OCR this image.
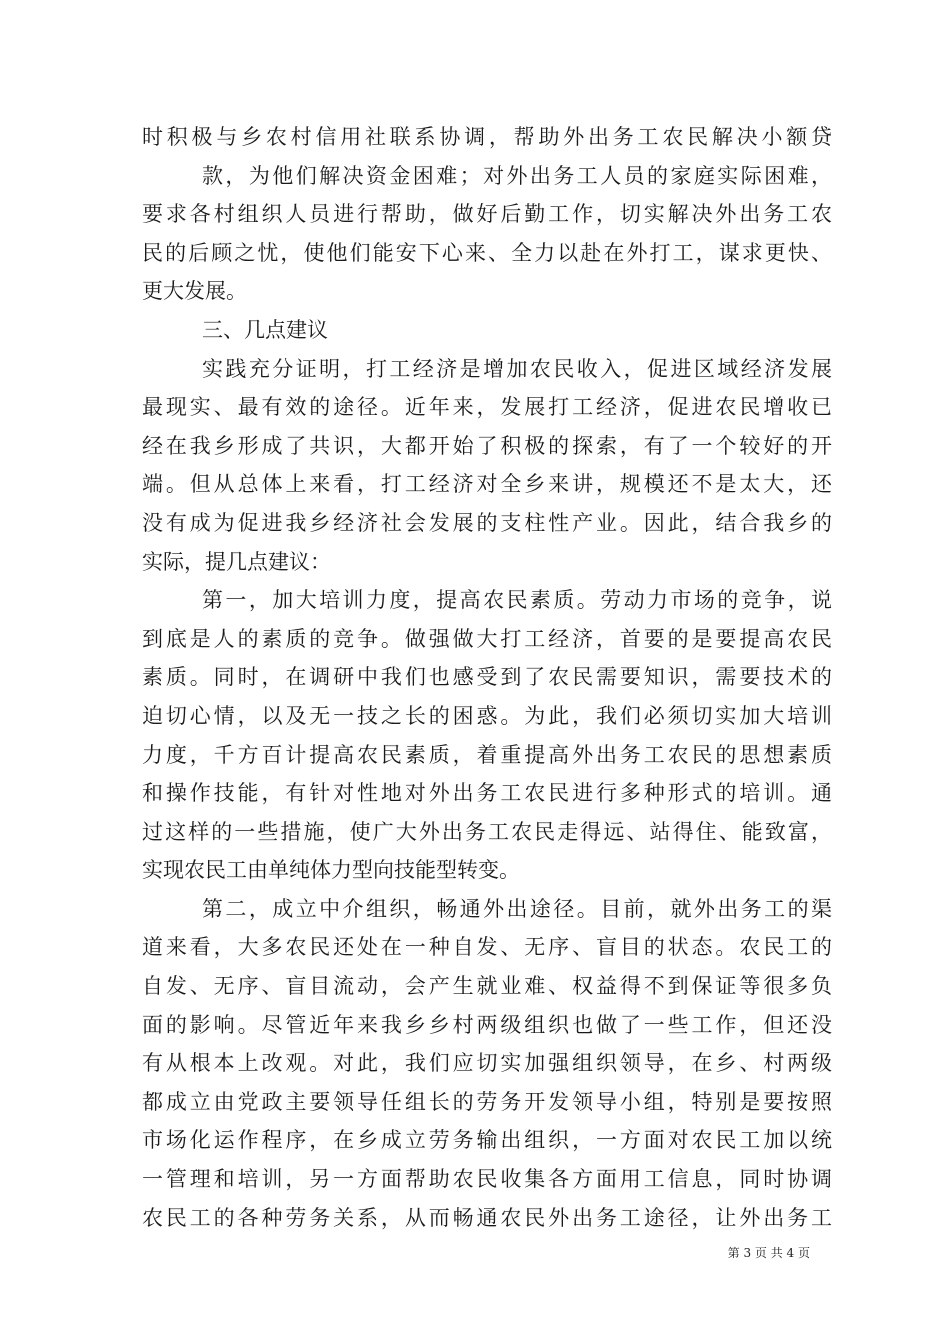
时积极与乡农村信用社联系协调，帮助外出务工农民解决小额贷
款，为他们解决资金困难；对外出务工人员的家庭实际困难，
要求各村组织人员进行帮助，做好后勤工作，切实解决外出务工农
民的后顾之忧，使他们能安下心来、全力以赴在外打工，谋求更快、
更大发展。
三、几点建议
实践充分证明，打工经济是增加农民收入，促进区域经济发展
最现实、最有效的途径。近年来，发展打工经济，促进农民增收已
经在我乡形成了共识，大都开始了积极的探索，有了一个较好的开
端。但从总体上来看，打工经济对全乡来讲，规模还不是太大，还
没有成为促进我乡经济社会发展的支柱性产业。因此，结合我乡的
实际，提几点建议：
第一，加大培训力度，提高农民素质。劳动力市场的竞争，说
到底是人的素质的竞争。做强做大打工经济，首要的是要提高农民
素质。同时，在调研中我们也感受到了农民需要知识，需要技术的
迫切心情，以及无一技之长的困惑。为此，我们必须切实加大培训
力度，千方百计提高农民素质，着重提高外出务工农民的思想素质
和操作技能，有针对性地对外出务工农民进行多种形式的培训。通
过这样的一些措施，使广大外出务工农民走得远、站得住、能致富，
实现农民工由单纯体力型向技能型转变。
第二，成立中介组织，畅通外出途径。目前，就外出务工的渠
道来看，大多农民还处在一种自发、无序、盲目的状态。农民工的
自发、无序、盲目流动，会产生就业难、权益得不到保证等很多负
面的影响。尽管近年来我乡乡村两级组织也做了一些工作，但还没
有从根本上改观。对此，我们应切实加强组织领导，在乡、村两级
都成立由党政主要领导任组长的劳务开发领导小组，特别是要按照
市场化运作程序，在乡成立劳务输出组织，一方面对农民工加以统
一管理和培训，另一方面帮助农民收集各方面用工信息，同时协调
农民工的各种劳务关系，从而畅通农民外出务工途径，让外出务工
第 3 页 共 4 页
